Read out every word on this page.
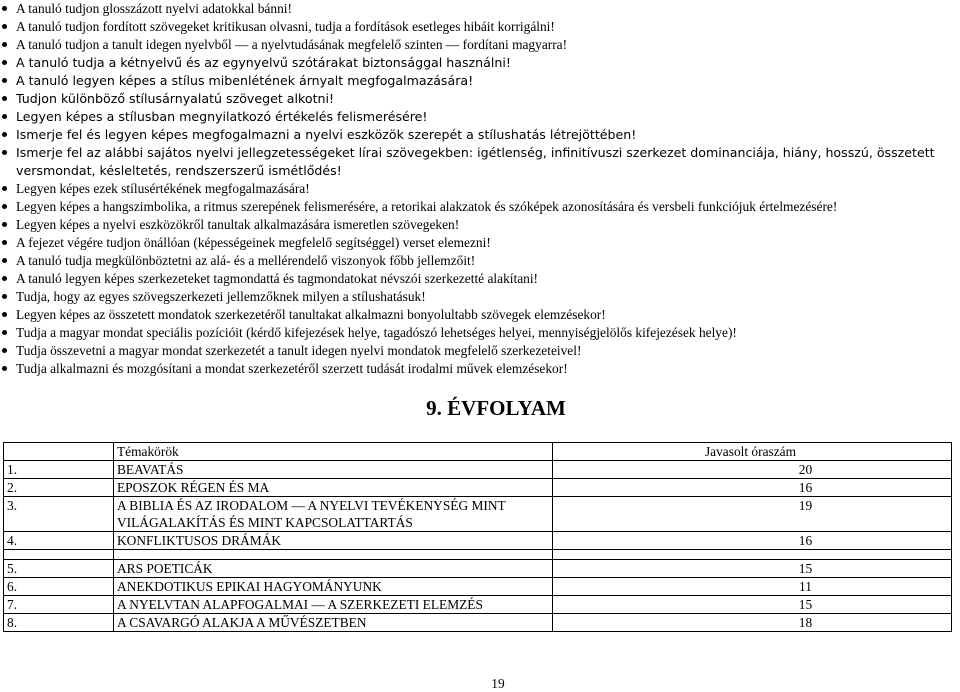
A tanuló tudjon glosszázott nyelvi adatokkal bánni!
A tanuló tudjon fordított szövegeket kritikusan olvasni, tudja a fordítások esetleges hibáit korrigálni!
A tanuló tudjon a tanult idegen nyelvből — a nyelvtudásának megfelelő szinten — fordítani magyarra!
A tanuló tudja a kétnyelvű és az egynyelvű szótárakat biztonsággal használni!
A tanuló legyen képes a stílus mibenlétének árnyalt megfogalmazására!
Tudjon különböző stílusárnyalatú szöveget alkotni!
Legyen képes a stílusban megnyilatkozó értékelés felismerésére!
Ismerje fel és legyen képes megfogalmazni a nyelvi eszközök szerepét a stílushatás létrejöttében!
Ismerje fel az alábbi sajátos nyelvi jellegzetességeket lírai szövegekben: igétlenség, infinitívuszi szerkezet dominanciája, hiány, hosszú, összetett versmondat, késleltetés, rendszerszerű ismétlődés!
Legyen képes ezek stílusértékének megfogalmazására!
Legyen képes a hangszimbolika, a ritmus szerepének felismerésére, a retorikai alakzatok és szóképek azonosítására és versbeli funkciójuk értelmezésére!
Legyen képes a nyelvi eszközökről tanultak alkalmazására ismeretlen szövegeken!
A fejezet végére tudjon önállóan (képességeinek megfelelő segítséggel) verset elemezni!
A tanuló tudja megkülönböztetni az alá- és a mellérendelő viszonyok főbb jellemzőit!
A tanuló legyen képes szerkezeteket tagmondattá és tagmondatokat névszói szerkezetté alakítani!
Tudja, hogy az egyes szövegszerkezeti jellemzőknek milyen a stílushatásuk!
Legyen képes az összetett mondatok szerkezetéről tanultakat alkalmazni bonyolultabb szövegek elemzésekor!
Tudja a magyar mondat speciális pozícióit (kérdő kifejezések helye, tagadószó lehetséges helyei, mennyiségjelölős kifejezések helye)!
Tudja összevetni a magyar mondat szerkezetét a tanult idegen nyelvi mondatok megfelelő szerkezeteivel!
Tudja alkalmazni és mozgósítani a mondat szerkezetéről szerzett tudását irodalmi művek elemzésekor!
9. ÉVFOLYAM
	Témakörök	Javasolt óraszám
1.	BEAVATÁS	20
2.	EPOSZOK RÉGEN ÉS MA	16
3.	A BIBLIA ÉS AZ IRODALOM — A NYELVI TEVÉKENYSÉG MINT VILÁGALAKÍTÁS ÉS MINT KAPCSOLATTARTÁS	19
4.	KONFLIKTUSOS DRÁMÁK	16

5.	ARS POETICÁK	15
6.	ANEKDOTIKUS EPIKAI HAGYOMÁNYUNK	11
7.	A NYELVTAN ALAPFOGALMAI — A SZERKEZETI ELEMZÉS	15
8.	A CSAVARGÓ ALAKJA A MŰVÉSZETBEN	18
19
